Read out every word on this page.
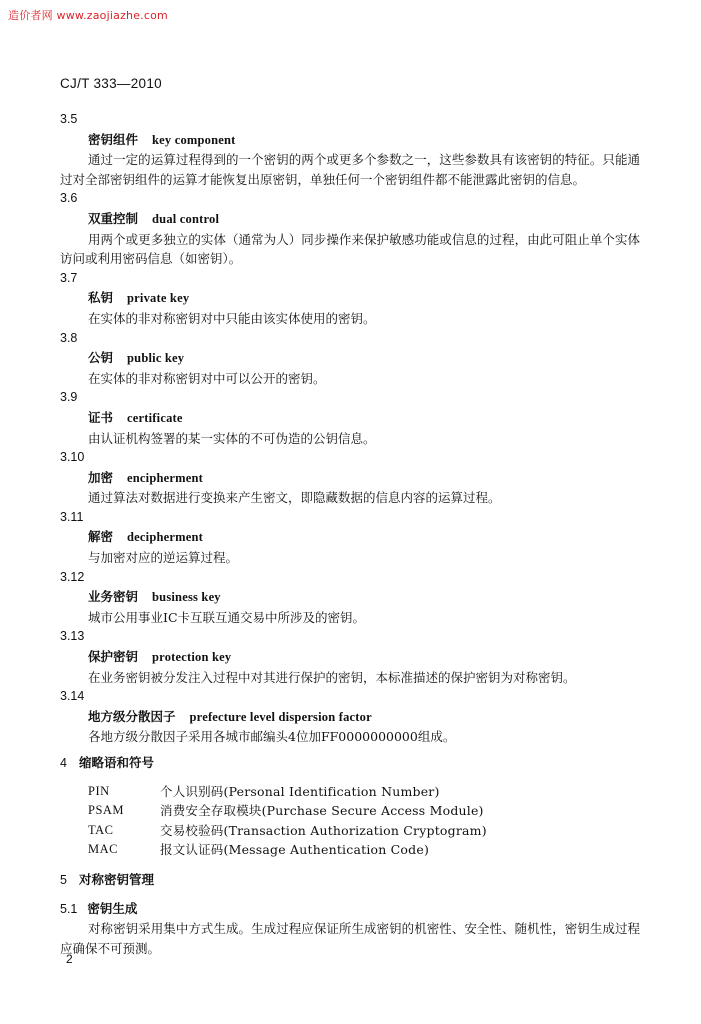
造价者网 www.zaojiazhe.com
CJ/T 333—2010
3.5
密钥组件 key component
通过一定的运算过程得到的一个密钥的两个或更多个参数之一，这些参数具有该密钥的特征。只能通过对全部密钥组件的运算才能恢复出原密钥，单独任何一个密钥组件都不能泄露此密钥的信息。
3.6
双重控制 dual control
用两个或更多独立的实体（通常为人）同步操作来保护敏感功能或信息的过程，由此可阻止单个实体访问或利用密码信息（如密钥）。
3.7
私钥 private key
在实体的非对称密钥对中只能由该实体使用的密钥。
3.8
公钥 public key
在实体的非对称密钥对中可以公开的密钥。
3.9
证书 certificate
由认证机构签署的某一实体的不可伪造的公钥信息。
3.10
加密 encipherment
通过算法对数据进行变换来产生密文，即隐藏数据的信息内容的运算过程。
3.11
解密 decipherment
与加密对应的逆运算过程。
3.12
业务密钥 business key
城市公用事业IC卡互联互通交易中所涉及的密钥。
3.13
保护密钥 protection key
在业务密钥被分发注入过程中对其进行保护的密钥，本标准描述的保护密钥为对称密钥。
3.14
地方级分散因子 prefecture level dispersion factor
各地方级分散因子采用各城市邮编头4位加FF0000000000组成。
4 缩略语和符号
PIN	个人识别码(Personal Identification Number)
PSAM	消费安全存取模块(Purchase Secure Access Module)
TAC	交易校验码(Transaction Authorization Cryptogram)
MAC	报文认证码(Message Authentication Code)
5 对称密钥管理
5.1 密钥生成
对称密钥采用集中方式生成。生成过程应保证所生成密钥的机密性、安全性、随机性，密钥生成过程应确保不可预测。
2
